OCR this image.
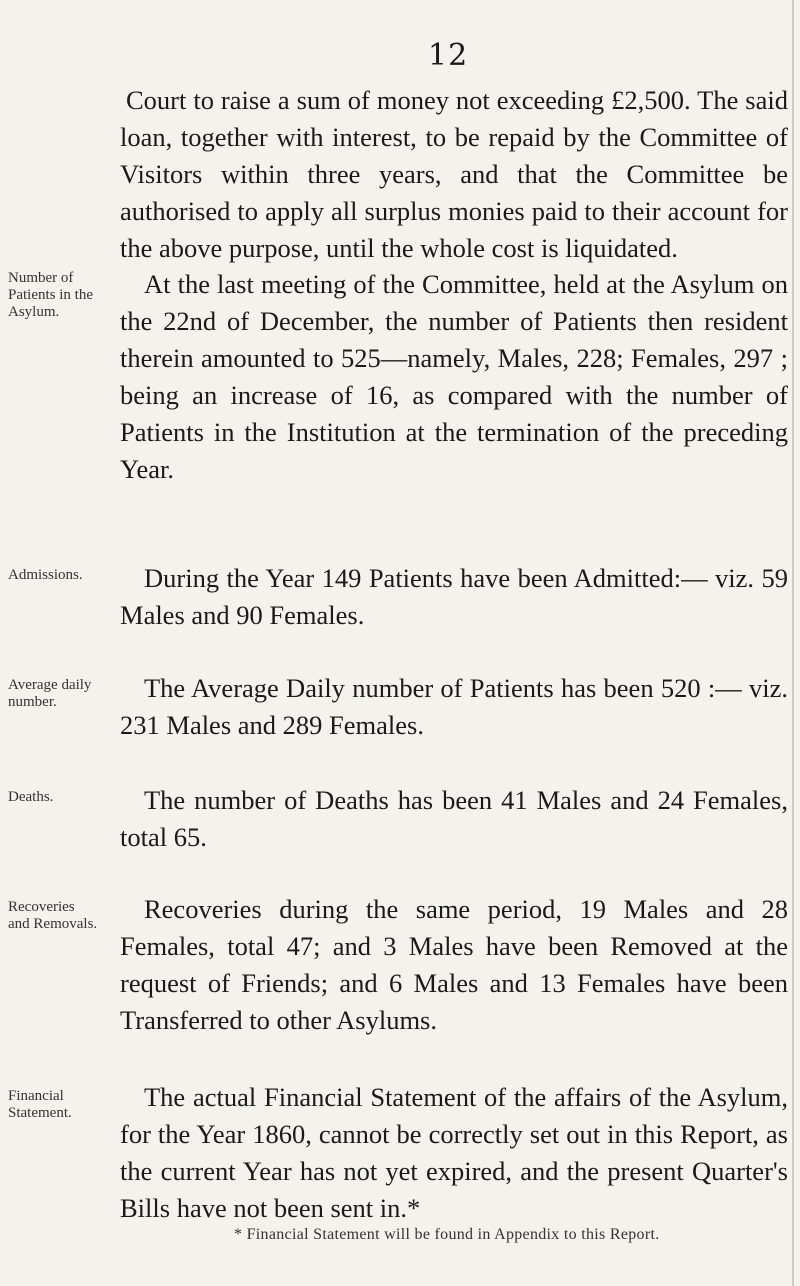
12

Court to raise a sum of money not exceeding £2,500. The said loan, together with interest, to be repaid by the Committee of Visitors within three years, and that the Committee be authorised to apply all surplus monies paid to their account for the above purpose, until the whole cost is liquidated.

Number of Patients in the Asylum.

At the last meeting of the Committee, held at the Asylum on the 22nd of December, the number of Patients then resident therein amounted to 525—namely, Males, 228; Females, 297 ; being an increase of 16, as compared with the number of Patients in the Institution at the termination of the preceding Year.

Admissions.	During the Year 149 Patients have been Admitted:— viz. 59 Males and 90 Females.

Average daily number.	The Average Daily number of Patients has been 520 :— viz. 231 Males and 289 Females.

Deaths.	The number of Deaths has been 41 Males and 24 Females, total 65.

Recoveries and Removals.	Recoveries during the same period, 19 Males and 28 Females, total 47; and 3 Males have been Removed at the request of Friends; and 6 Males and 13 Females have been Transferred to other Asylums.

Financial Statement.

The actual Financial Statement of the affairs of the Asylum, for the Year 1860, cannot be correctly set out in this Report, as the current Year has not yet expired, and the present Quarter's Bills have not been sent in.*

* Financial Statement will be found in Appendix to this Report.
